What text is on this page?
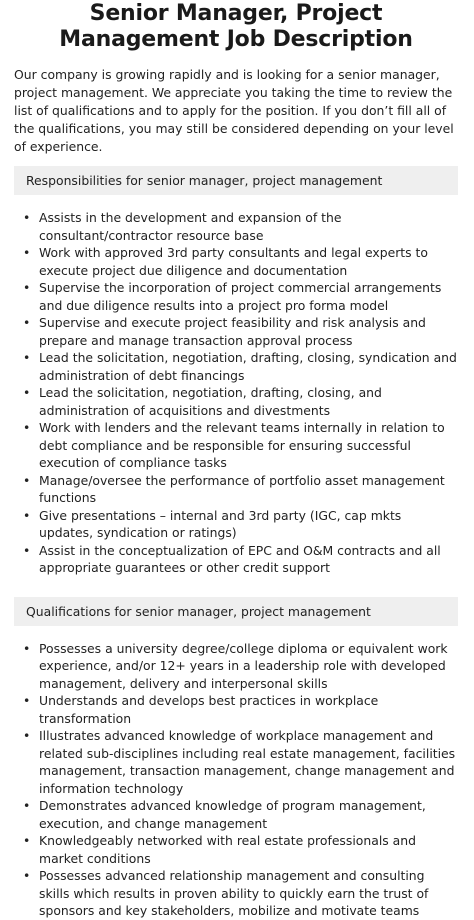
Senior Manager, Project Management Job Description

Our company is growing rapidly and is looking for a senior manager, project management. We appreciate you taking the time to review the list of qualifications and to apply for the position. If you don’t fill all of the qualifications, you may still be considered depending on your level of experience.

Responsibilities for senior manager, project management
• Assists in the development and expansion of the consultant/contractor resource base
• Work with approved 3rd party consultants and legal experts to execute project due diligence and documentation
• Supervise the incorporation of project commercial arrangements and due diligence results into a project pro forma model
• Supervise and execute project feasibility and risk analysis and prepare and manage transaction approval process
• Lead the solicitation, negotiation, drafting, closing, syndication and administration of debt financings
• Lead the solicitation, negotiation, drafting, closing, and administration of acquisitions and divestments
• Work with lenders and the relevant teams internally in relation to debt compliance and be responsible for ensuring successful execution of compliance tasks
• Manage/oversee the performance of portfolio asset management functions
• Give presentations – internal and 3rd party (IGC, cap mkts updates, syndication or ratings)
• Assist in the conceptualization of EPC and O&M contracts and all appropriate guarantees or other credit support
Qualifications for senior manager, project management
• Possesses a university degree/college diploma or equivalent work experience, and/or 12+ years in a leadership role with developed management, delivery and interpersonal skills
• Understands and develops best practices in workplace transformation
• Illustrates advanced knowledge of workplace management and related sub-disciplines including real estate management, facilities management, transaction management, change management and information technology
• Demonstrates advanced knowledge of program management, execution, and change management
• Knowledgeably networked with real estate professionals and market conditions
• Possesses advanced relationship management and consulting skills which results in proven ability to quickly earn the trust of sponsors and key stakeholders, mobilize and motivate teams
